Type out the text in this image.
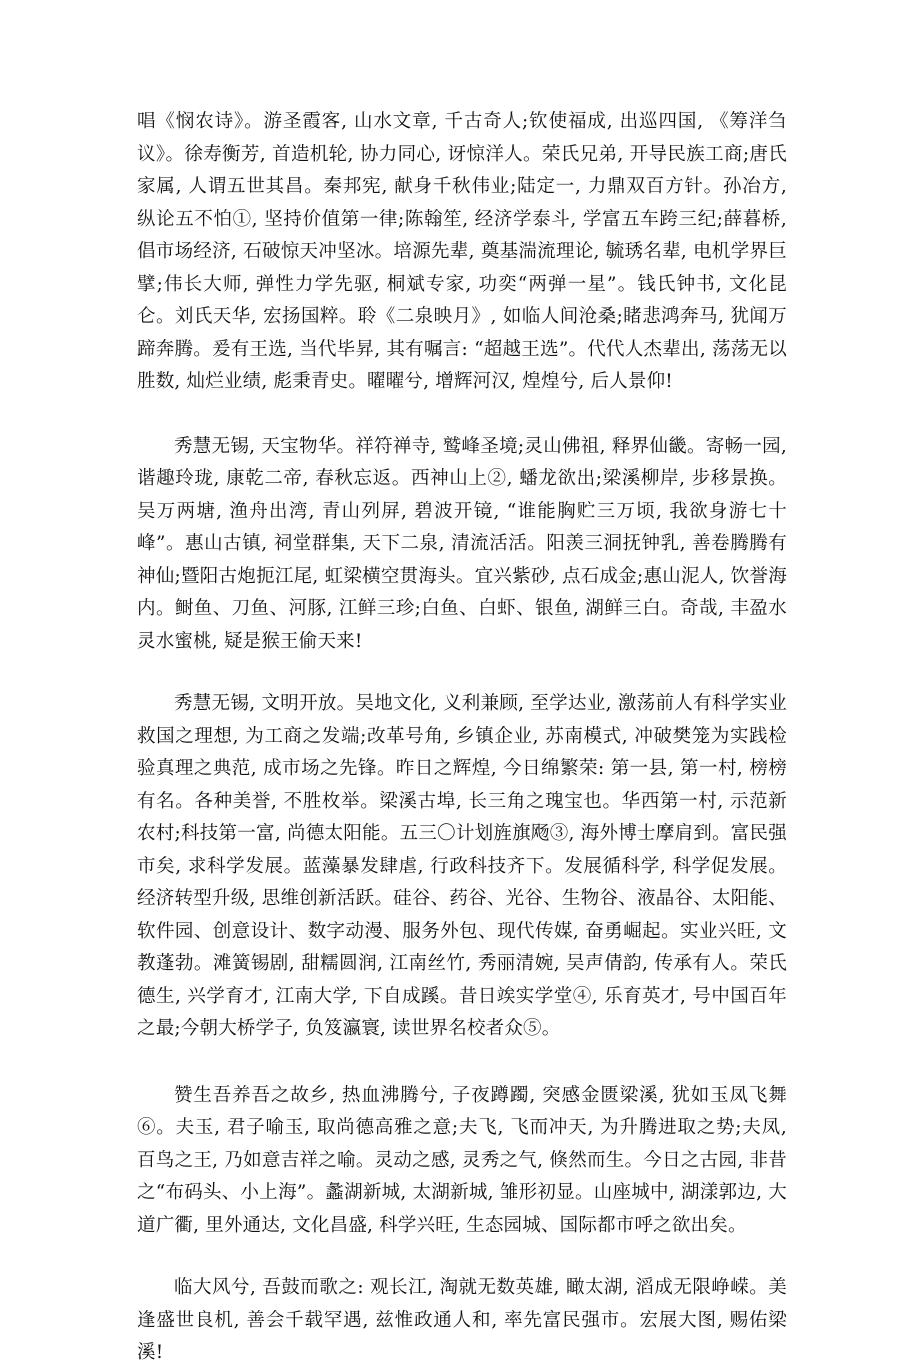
唱《悯农诗》。游圣霞客, 山水文章, 千古奇人;钦使福成, 出巡四国, 《筹洋刍议》。徐寿衡芳, 首造机轮, 协力同心, 讶惊洋人。荣氏兄弟, 开导民族工商;唐氏家属, 人谓五世其昌。秦邦宪, 献身千秋伟业;陆定一, 力鼎双百方针。孙冶方, 纵论五不怕①, 坚持价值第一律;陈翰笙, 经济学泰斗, 学富五车跨三纪;薛暮桥, 倡市场经济, 石破惊天冲坚冰。培源先辈, 奠基湍流理论, 毓琇名辈, 电机学界巨擘;伟长大师, 弹性力学先驱, 桐斌专家, 功奕“两弹一星”。钱氏钟书, 文化昆仑。刘氏天华, 宏扬国粹。聆《二泉映月》, 如临人间沧桑;睹悲鸿奔马, 犹闻万蹄奔腾。爰有王选, 当代毕昇, 其有嘱言: “超越王选”。代代人杰辈出, 荡荡无以胜数, 灿烂业绩, 彪秉青史。曜曜兮, 增辉河汉, 煌煌兮, 后人景仰!

秀慧无锡, 天宝物华。祥符禅寺, 鹫峰圣境;灵山佛祖, 释界仙畿。寄畅一园, 谐趣玲珑, 康乾二帝, 春秋忘返。西神山上②, 蟠龙欲出;梁溪柳岸, 步移景换。吴万两塘, 渔舟出湾, 青山列屏, 碧波开镜, “谁能胸贮三万顷, 我欲身游七十峰”。惠山古镇, 祠堂群集, 天下二泉, 清流活活。阳羡三洞抚钟乳, 善卷腾腾有神仙;暨阳古炮扼江尾, 虹梁横空贯海头。宜兴紫砂, 点石成金;惠山泥人, 饮誉海内。鲥鱼、刀鱼、河豚, 江鲜三珍;白鱼、白虾、银鱼, 湖鲜三白。奇哉, 丰盈水灵水蜜桃, 疑是猴王偷天来!

秀慧无锡, 文明开放。吴地文化, 义利兼顾, 至学达业, 激荡前人有科学实业救国之理想, 为工商之发端;改革号角, 乡镇企业, 苏南模式, 冲破樊笼为实践检验真理之典范, 成市场之先锋。昨日之辉煌, 今日绵繁荣: 第一县, 第一村, 榜榜有名。各种美誉, 不胜枚举。梁溪古埠, 长三角之瑰宝也。华西第一村, 示范新农村;科技第一富, 尚德太阳能。五三〇计划旌旗飏③, 海外博士摩肩到。富民强市矣, 求科学发展。蓝藻暴发肆虐, 行政科技齐下。发展循科学, 科学促发展。经济转型升级, 思维创新活跃。硅谷、药谷、光谷、生物谷、液晶谷、太阳能、软件园、创意设计、数字动漫、服务外包、现代传媒, 奋勇崛起。实业兴旺, 文教蓬勃。滩簧锡剧, 甜糯圆润, 江南丝竹, 秀丽清婉, 吴声倩韵, 传承有人。荣氏德生, 兴学育才, 江南大学, 下自成蹊。昔日竢实学堂④, 乐育英才, 号中国百年之最;今朝大桥学子, 负笈瀛寰, 读世界名校者众⑤。

赞生吾养吾之故乡, 热血沸腾兮, 子夜蹲躅, 突感金匮梁溪, 犹如玉凤飞舞⑥。夫玉, 君子喻玉, 取尚德高雅之意;夫飞, 飞而冲天, 为升腾进取之势;夫凤, 百鸟之王, 乃如意吉祥之喻。灵动之感, 灵秀之气, 倏然而生。今日之古园, 非昔之“布码头、小上海”。蠡湖新城, 太湖新城, 雏形初显。山座城中, 湖漾郭边, 大道广衢, 里外通达, 文化昌盛, 科学兴旺, 生态园城、国际都市呼之欲出矣。

临大风兮, 吾鼓而歌之: 观长江, 淘就无数英雄, 瞰太湖, 滔成无限峥嵘。美逢盛世良机, 善会千载罕遇, 兹惟政通人和, 率先富民强市。宏展大图, 赐佑梁溪!
